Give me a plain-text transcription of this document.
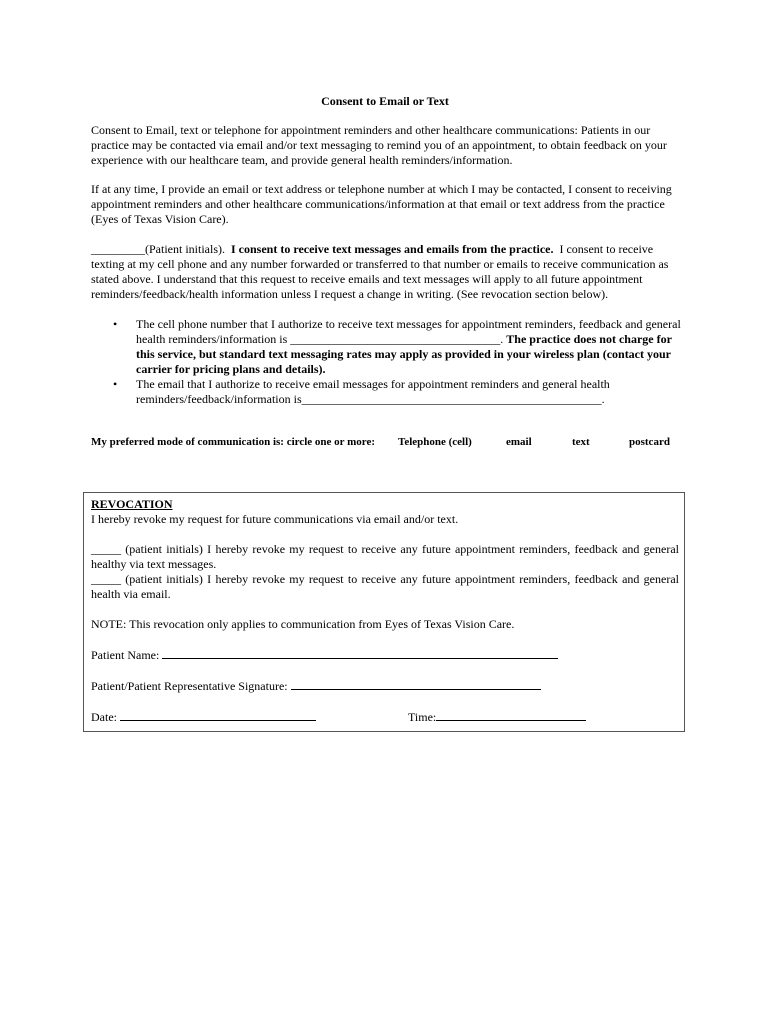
Consent to Email or Text

Consent to Email, text or telephone for appointment reminders and other healthcare communications: Patients in our practice may be contacted via email and/or text messaging to remind you of an appointment, to obtain feedback on your experience with our healthcare team, and provide general health reminders/information.

If at any time, I provide an email or text address or telephone number at which I may be contacted, I consent to receiving appointment reminders and other healthcare communications/information at that email or text address from the practice (Eyes of Texas Vision Care).

_________(Patient initials). I consent to receive text messages and emails from the practice. I consent to receive texting at my cell phone and any number forwarded or transferred to that number or emails to receive communication as stated above. I understand that this request to receive emails and text messages will apply to all future appointment reminders/feedback/health information unless I request a change in writing. (See revocation section below).

• The cell phone number that I authorize to receive text messages for appointment reminders, feedback and general health reminders/information is ___________________________________. The practice does not charge for this service, but standard text messaging rates may apply as provided in your wireless plan (contact your carrier for pricing plans and details).
• The email that I authorize to receive email messages for appointment reminders and general health reminders/feedback/information is__________________________________________________.
My preferred mode of communication is: circle one or more: Telephone (cell)	email	text	postcard
REVOCATION
I hereby revoke my request for future communications via email and/or text.
_____ (patient initials) I hereby revoke my request to receive any future appointment reminders, feedback and general healthy via text messages.
_____ (patient initials) I hereby revoke my request to receive any future appointment reminders, feedback and general health via email.
NOTE: This revocation only applies to communication from Eyes of Texas Vision Care.
Patient Name:
Patient/Patient Representative Signature:
Date:	Time:
